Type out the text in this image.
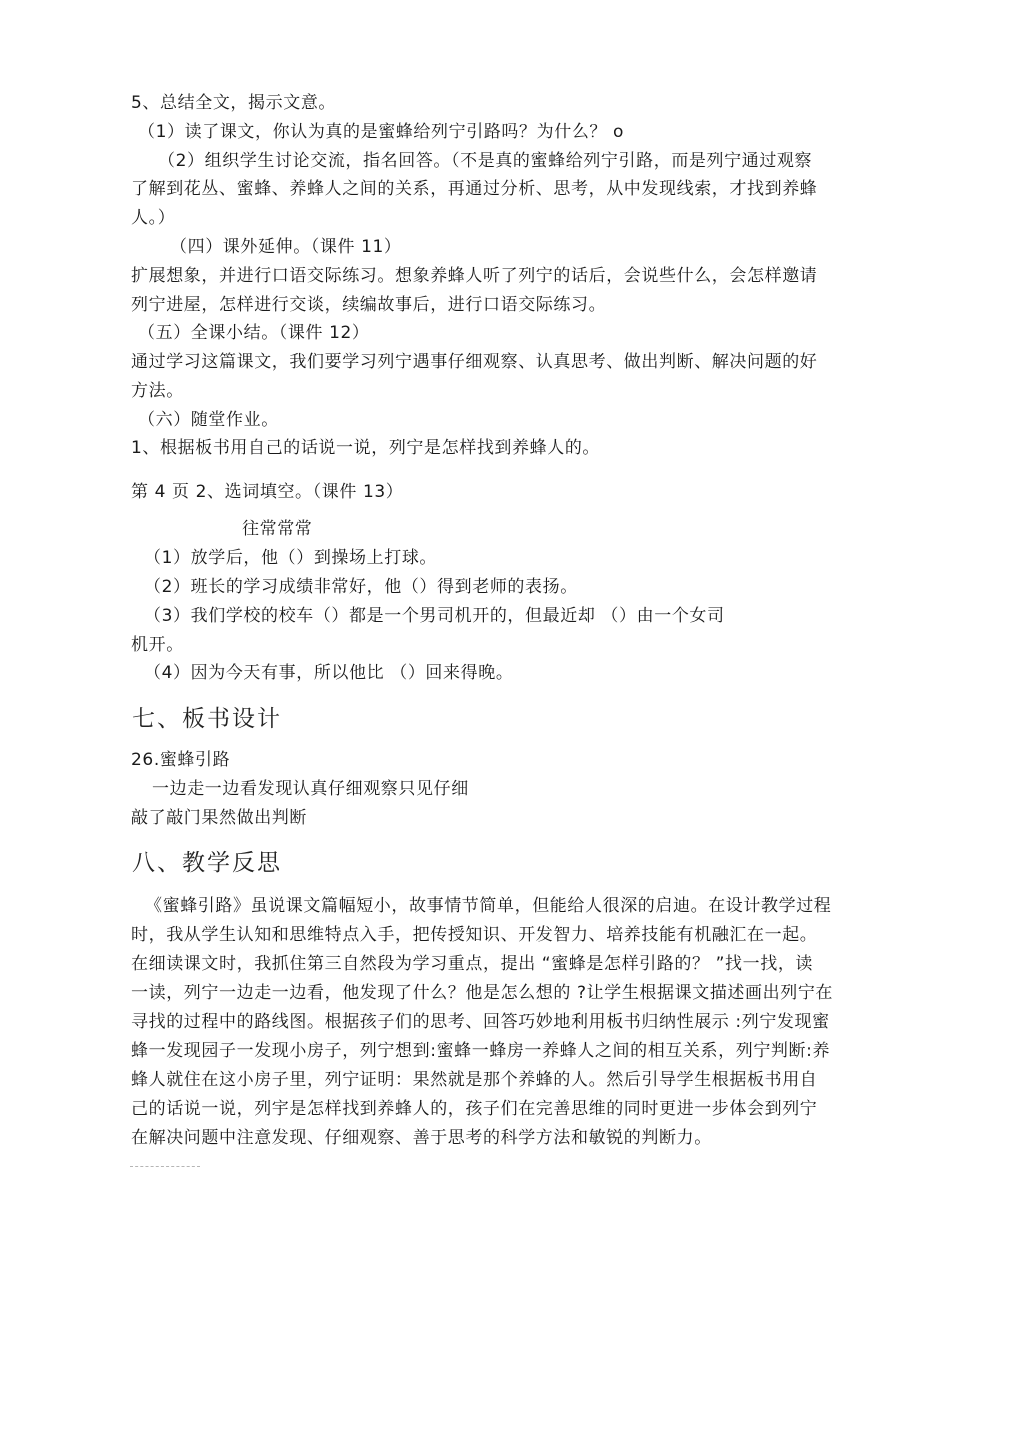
5、总结全文，揭示文意。
（1）读了课文，你认为真的是蜜蜂给列宁引路吗？为什么？ o
（2）组织学生讨论交流，指名回答。（不是真的蜜蜂给列宁引路，而是列宁通过观察
了解到花丛、蜜蜂、养蜂人之间的关系，再通过分析、思考，从中发现线索，才找到养蜂
人。）
（四）课外延伸。（课件 11）
扩展想象，并进行口语交际练习。想象养蜂人听了列宁的话后，会说些什么，会怎样邀请
列宁进屋，怎样进行交谈，续编故事后，进行口语交际练习。
（五）全课小结。（课件 12）
通过学习这篇课文，我们要学习列宁遇事仔细观察、认真思考、做出判断、解决问题的好
方法。
（六）随堂作业。
1、根据板书用自己的话说一说，列宁是怎样找到养蜂人的。
第 4 页 2、选词填空。（课件 13）
往常常常
（1）放学后，他（）到操场上打球。
（2）班长的学习成绩非常好，他（）得到老师的表扬。
（3）我们学校的校车（）都是一个男司机开的，但最近却 （）由一个女司
机开。
（4）因为今天有事，所以他比 （）回来得晚。
七、板书设计
26.蜜蜂引路
一边走一边看发现认真仔细观察只见仔细
敲了敲门果然做出判断
八、教学反思
《蜜蜂引路》虽说课文篇幅短小，故事情节简单，但能给人很深的启迪。在设计教学过程
时，我从学生认知和思维特点入手，把传授知识、开发智力、培养技能有机融汇在一起。
在细读课文时，我抓住第三自然段为学习重点，提出 “蜜蜂是怎样引路的？ ”找一找，读
一读，列宁一边走一边看，他发现了什么？他是怎么想的 ?让学生根据课文描述画出列宁在
寻找的过程中的路线图。根据孩子们的思考、回答巧妙地利用板书归纳性展示 :列宁发现蜜
蜂一发现园子一发现小房子，列宁想到:蜜蜂一蜂房一养蜂人之间的相互关系，列宁判断:养
蜂人就住在这小房子里，列宁证明：果然就是那个养蜂的人。然后引导学生根据板书用自
己的话说一说，列宇是怎样找到养蜂人的，孩子们在完善思维的同时更进一步体会到列宁
在解决问题中注意发现、仔细观察、善于思考的科学方法和敏锐的判断力。
